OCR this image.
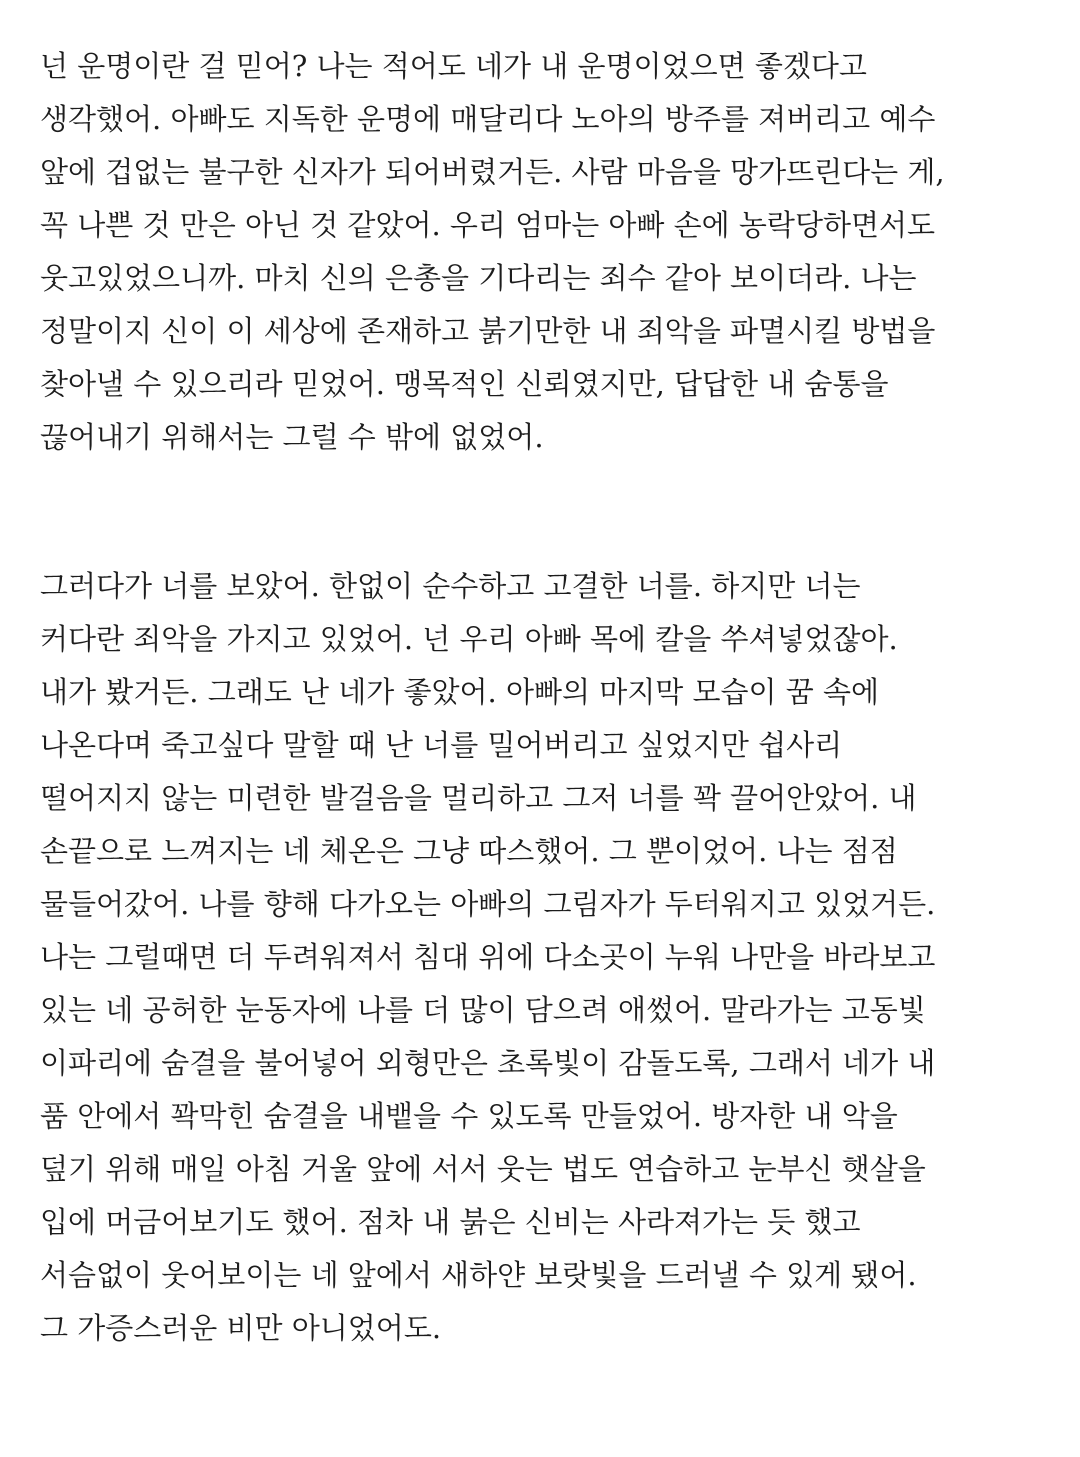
넌 운명이란 걸 믿어? 나는 적어도 네가 내 운명이었으면 좋겠다고
생각했어. 아빠도 지독한 운명에 매달리다 노아의 방주를 져버리고 예수
앞에 겁없는 불구한 신자가 되어버렸거든. 사람 마음을 망가뜨린다는 게,
꼭 나쁜 것 만은 아닌 것 같았어. 우리 엄마는 아빠 손에 농락당하면서도
웃고있었으니까. 마치 신의 은총을 기다리는 죄수 같아 보이더라. 나는
정말이지 신이 이 세상에 존재하고 붉기만한 내 죄악을 파멸시킬 방법을
찾아낼 수 있으리라 믿었어. 맹목적인 신뢰였지만, 답답한 내 숨통을
끊어내기 위해서는 그럴 수 밖에 없었어.
그러다가 너를 보았어. 한없이 순수하고 고결한 너를. 하지만 너는
커다란 죄악을 가지고 있었어. 넌 우리 아빠 목에 칼을 쑤셔넣었잖아.
내가 봤거든. 그래도 난 네가 좋았어. 아빠의 마지막 모습이 꿈 속에
나온다며 죽고싶다 말할 때 난 너를 밀어버리고 싶었지만 쉽사리
떨어지지 않는 미련한 발걸음을 멀리하고 그저 너를 꽉 끌어안았어. 내
손끝으로 느껴지는 네 체온은 그냥 따스했어. 그 뿐이었어. 나는 점점
물들어갔어. 나를 향해 다가오는 아빠의 그림자가 두터워지고 있었거든.
나는 그럴때면 더 두려워져서 침대 위에 다소곳이 누워 나만을 바라보고
있는 네 공허한 눈동자에 나를 더 많이 담으려 애썼어. 말라가는 고동빛
이파리에 숨결을 불어넣어 외형만은 초록빛이 감돌도록, 그래서 네가 내
품 안에서 꽉막힌 숨결을 내뱉을 수 있도록 만들었어. 방자한 내 악을
덮기 위해 매일 아침 거울 앞에 서서 웃는 법도 연습하고 눈부신 햇살을
입에 머금어보기도 했어. 점차 내 붉은 신비는 사라져가는 듯 했고
서슴없이 웃어보이는 네 앞에서 새하얀 보랏빛을 드러낼 수 있게 됐어.
그 가증스러운 비만 아니었어도.
